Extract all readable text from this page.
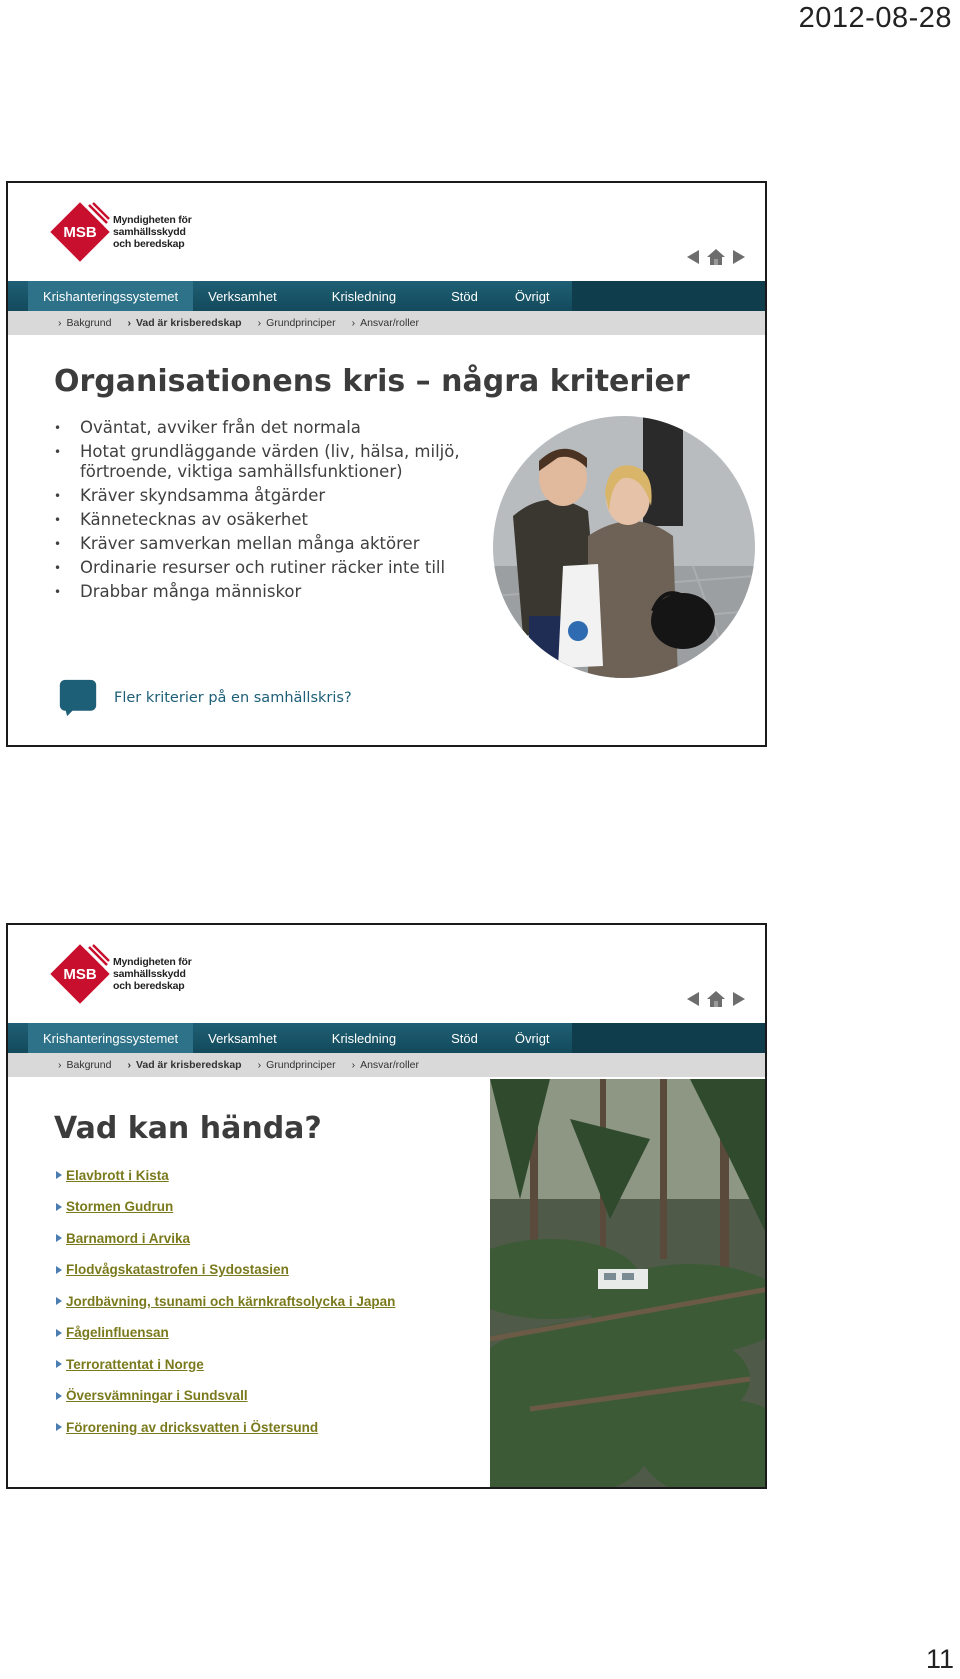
2012-08-28
MSB
Myndigheten för
samhällsskydd
och beredskap
Krishanteringssystemet	Verksamhet	Krisledning	Stöd	Övrigt
› Bakgrund › Vad är krisberedskap › Grundprinciper › Ansvar/roller
Organisationens kris – några kriterier
• Oväntat, avviker från det normala
• Hotat grundläggande värden (liv, hälsa, miljö, förtroende, viktiga samhällsfunktioner)
• Kräver skyndsamma åtgärder
• Kännetecknas av osäkerhet
• Kräver samverkan mellan många aktörer
• Ordinarie resurser och rutiner räcker inte till
• Drabbar många människor
Fler kriterier på en samhällskris?
MSB
Myndigheten för
samhällsskydd
och beredskap
Krishanteringssystemet	Verksamhet	Krisledning	Stöd	Övrigt
› Bakgrund › Vad är krisberedskap › Grundprinciper › Ansvar/roller
Vad kan hända?
Elavbrott i Kista
Stormen Gudrun
Barnamord i Arvika
Flodvågskatastrofen i Sydostasien
Jordbävning, tsunami och kärnkraftsolycka i Japan
Fågelinfluensan
Terrorattentat i Norge
Översvämningar i Sundsvall
Förorening av dricksvatten i Östersund
11
